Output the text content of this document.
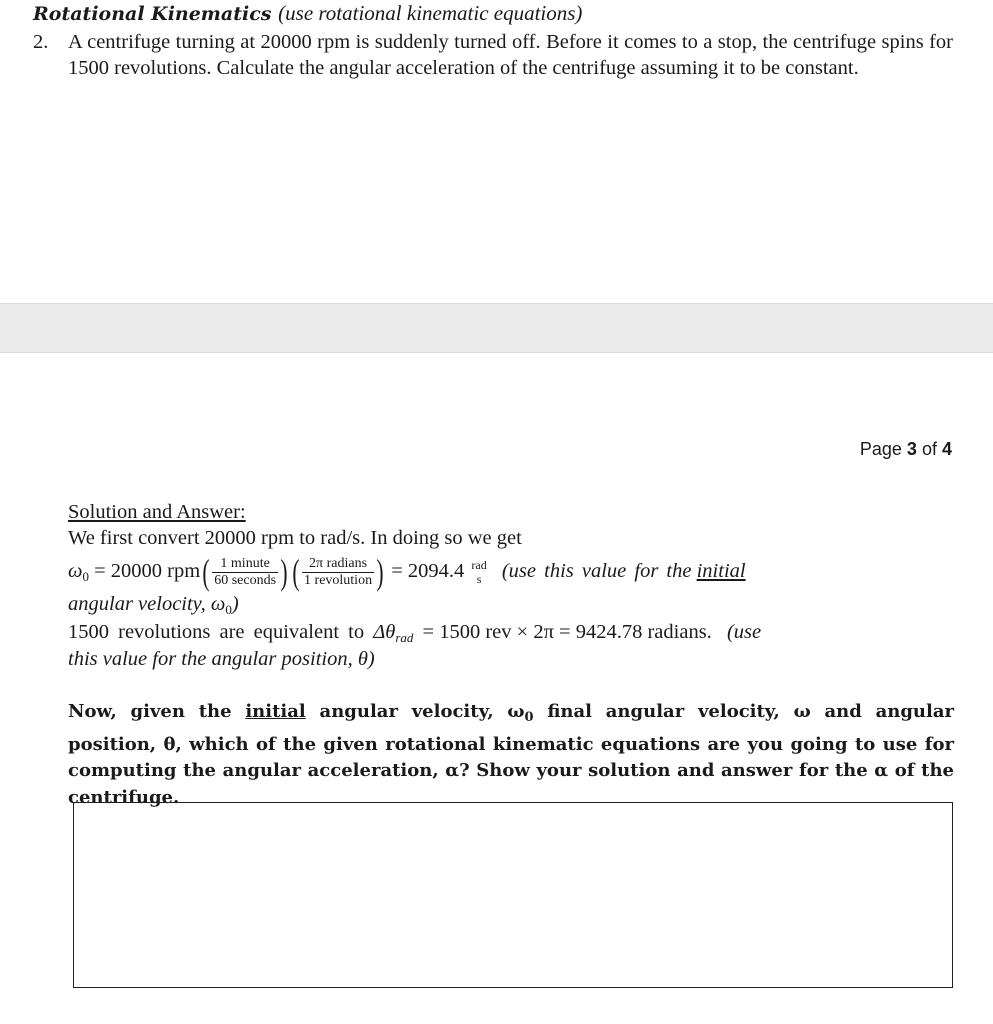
Rotational Kinematics (use rotational kinematic equations)
2. A centrifuge turning at 20000 rpm is suddenly turned off. Before it comes to a stop, the centrifuge spins for 1500 revolutions. Calculate the angular acceleration of the centrifuge assuming it to be constant.
Page 3 of 4
Solution and Answer:
We first convert 20000 rpm to rad/s. In doing so we get
$\omega_0 = 20000$ $rpm( \frac{\text{1 minute}}{\text{60 seconds}}$ ) ( $\frac{\text{2π radians}}{\text{1 revolution}}$ ) = 2094.4 rad
s (use this value for the initial
angular velocity, $\omega_0$)
1500 revolutions are equivalent to $\Delta\theta_{rad} = 1500$ rev × 2π = 9424.78 radians. (use
this value for the angular position, θ)
Now, given the initial angular velocity, $\omega_0$ final angular velocity, ω and angular position, θ, which of the given rotational kinematic equations are you going to use for computing the angular acceleration, α? Show your solution and answer for the α of the centrifuge.
